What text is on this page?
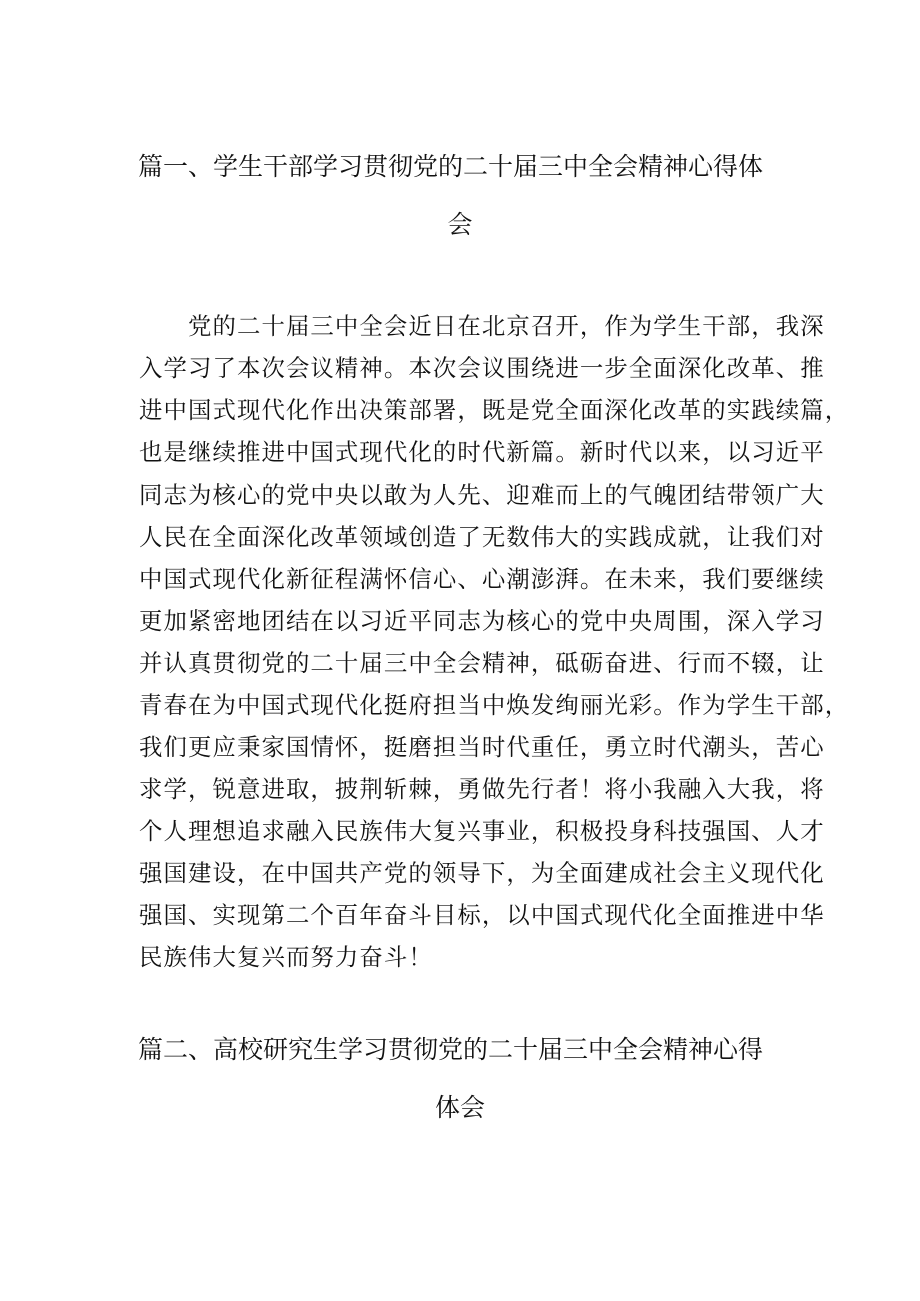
篇一、学生干部学习贯彻党的二十届三中全会精神心得体
会
　　党的二十届三中全会近日在北京召开，作为学生干部，我深
入学习了本次会议精神。本次会议围绕进一步全面深化改革、推
进中国式现代化作出决策部署，既是党全面深化改革的实践续篇，
也是继续推进中国式现代化的时代新篇。新时代以来，以习近平
同志为核心的党中央以敢为人先、迎难而上的气魄团结带领广大
人民在全面深化改革领域创造了无数伟大的实践成就，让我们对
中国式现代化新征程满怀信心、心潮澎湃。在未来，我们要继续
更加紧密地团结在以习近平同志为核心的党中央周围，深入学习
并认真贯彻党的二十届三中全会精神，砥砺奋进、行而不辍，让
青春在为中国式现代化挺府担当中焕发绚丽光彩。作为学生干部，
我们更应秉家国情怀，挺磨担当时代重任，勇立时代潮头，苦心
求学，锐意进取，披荆斩棘，勇做先行者！将小我融入大我，将
个人理想追求融入民族伟大复兴事业，积极投身科技强国、人才
强国建设，在中国共产党的领导下，为全面建成社会主义现代化
强国、实现第二个百年奋斗目标，以中国式现代化全面推进中华
民族伟大复兴而努力奋斗！
篇二、高校研究生学习贯彻党的二十届三中全会精神心得
体会
